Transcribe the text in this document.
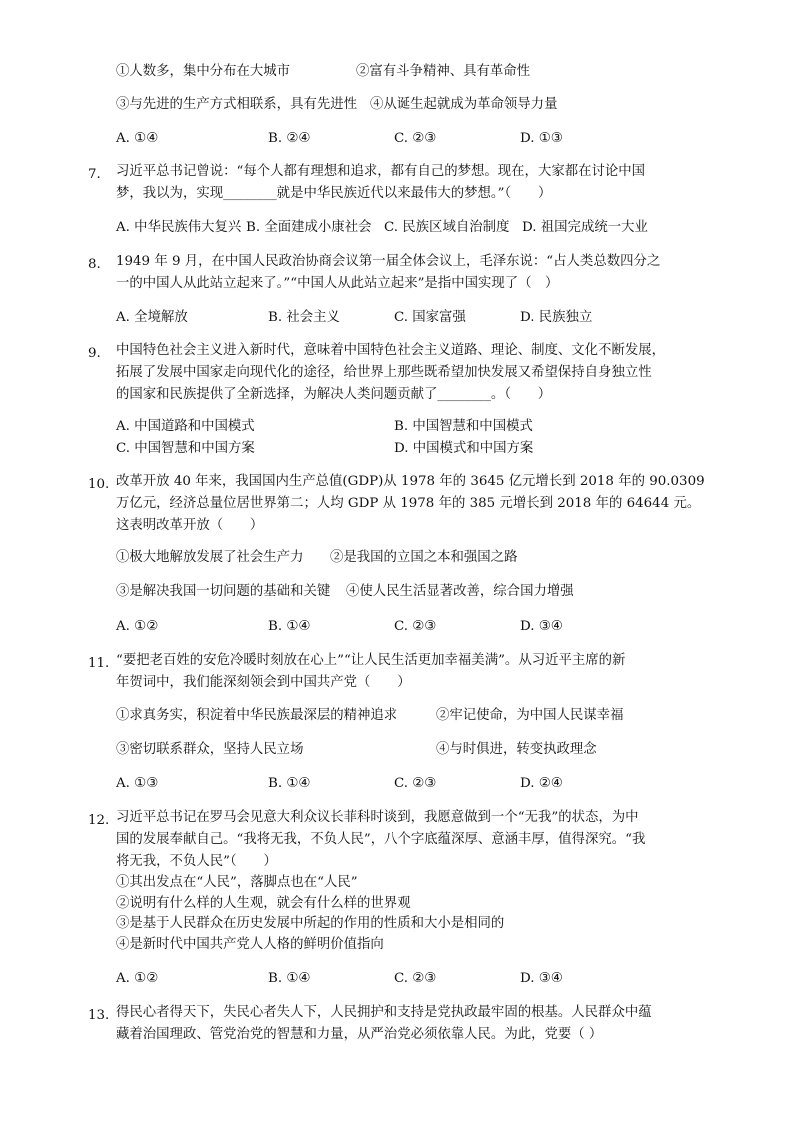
①人数多，集中分布在大城市	②富有斗争精神、具有革命性
③与先进的生产方式相联系，具有先进性 ④从诞生起就成为革命领导力量
A. ①④	B. ②④	C. ②③	D. ①③
7. 习近平总书记曾说：“每个人都有理想和追求，都有自己的梦想。现在，大家都在讨论中国
梦，我以为，实现________就是中华民族近代以来最伟大的梦想。”（　　）
A. 中华民族伟大复兴 B. 全面建成小康社会 C. 民族区域自治制度 D. 祖国完成统一大业
8. 1949 年 9 月，在中国人民政治协商会议第一届全体会议上，毛泽东说：“占人类总数四分之
一的中国人从此站立起来了。”“中国人从此站立起来”是指中国实现了（　）
A. 全境解放	B. 社会主义	C. 国家富强	D. 民族独立
9. 中国特色社会主义进入新时代，意味着中国特色社会主义道路、理论、制度、文化不断发展，
拓展了发展中国家走向现代化的途径，给世界上那些既希望加快发展又希望保持自身独立性
的国家和民族提供了全新选择，为解决人类问题贡献了________。（　　）
A. 中国道路和中国模式	B. 中国智慧和中国模式
C. 中国智慧和中国方案	D. 中国模式和中国方案
10. 改革开放 40 年来，我国国内生产总值(GDP)从 1978 年的 3645 亿元增长到 2018 年的 90.0309
万亿元，经济总量位居世界第二；人均 GDP 从 1978 年的 385 元增长到 2018 年的 64644 元。
这表明改革开放（　　）
①极大地解放发展了社会生产力 ②是我国的立国之本和强国之路
③是解决我国一切问题的基础和关键 ④使人民生活显著改善，综合国力增强
A. ①②	B. ①④	C. ②③	D. ③④
11. “要把老百姓的安危冷暖时刻放在心上”“让人民生活更加幸福美满”。从习近平主席的新
年贺词中，我们能深刻领会到中国共产党（　　）
①求真务实，积淀着中华民族最深层的精神追求	②牢记使命，为中国人民谋幸福
③密切联系群众，坚持人民立场	④与时俱进，转变执政理念
A. ①③	B. ①④	C. ②③	D. ②④
12. 习近平总书记在罗马会见意大利众议长菲科时谈到，我愿意做到一个“无我”的状态，为中
国的发展奉献自己。“我将无我，不负人民”，八个字底蕴深厚、意涵丰厚，值得深究。“我
将无我，不负人民”（　　）
①其出发点在“人民”，落脚点也在“人民”
②说明有什么样的人生观，就会有什么样的世界观
③是基于人民群众在历史发展中所起的作用的性质和大小是相同的
④是新时代中国共产党人人格的鲜明价值指向
A. ①②	B. ①④	C. ②③	D. ③④
13. 得民心者得天下，失民心者失人下，人民拥护和支持是党执政最牢固的根基。人民群众中蕴
藏着治国理政、管党治党的智慧和力量，从严治党必须依靠人民。为此，党要（ ）
